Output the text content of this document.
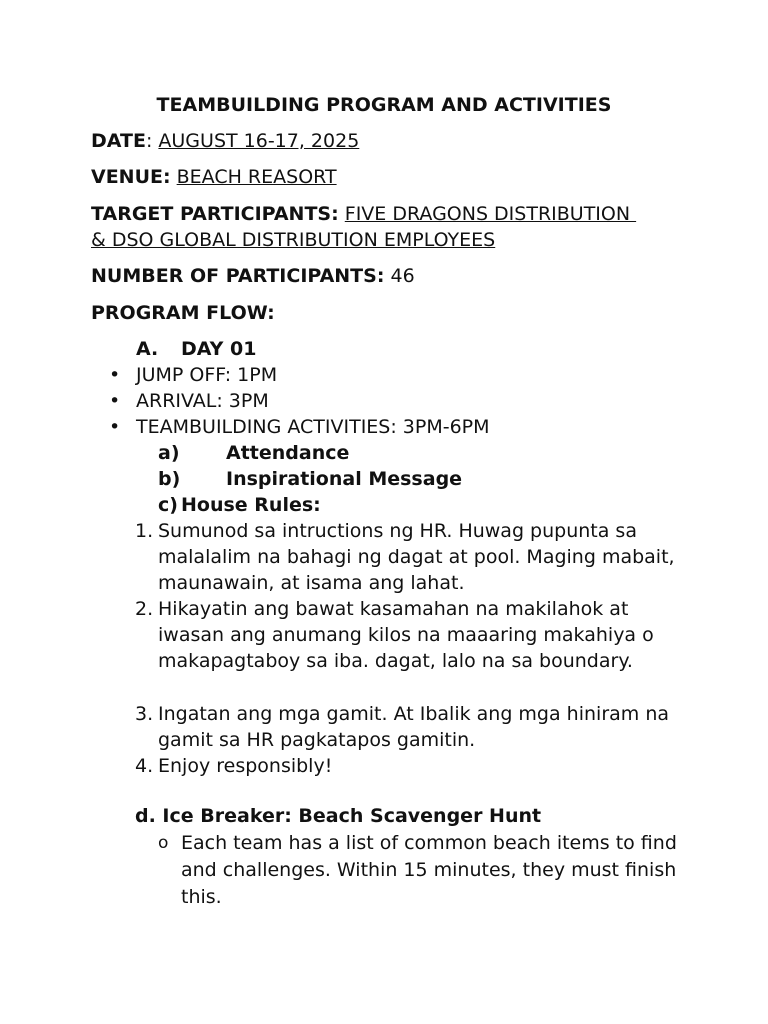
TEAMBUILDING PROGRAM AND ACTIVITIES
DATE: AUGUST 16-17, 2025
VENUE: BEACH REASORT
TARGET PARTICIPANTS: FIVE DRAGONS DISTRIBUTION
& DSO GLOBAL DISTRIBUTION EMPLOYEES
NUMBER OF PARTICIPANTS: 46
PROGRAM FLOW:
A. DAY 01
• JUMP OFF: 1PM
• ARRIVAL: 3PM
• TEAMBUILDING ACTIVITIES: 3PM-6PM
a) Attendance
b) Inspirational Message
c) House Rules:
1. Sumunod sa intructions ng HR. Huwag pupunta sa malalalim na bahagi ng dagat at pool. Maging mabait, maunawain, at isama ang lahat.
2. Hikayatin ang bawat kasamahan na makilahok at iwasan ang anumang kilos na maaaring makahiya o makapagtaboy sa iba. dagat, lalo na sa boundary.
3. Ingatan ang mga gamit. At Ibalik ang mga hiniram na gamit sa HR pagkatapos gamitin.
4. Enjoy responsibly!
d. Ice Breaker: Beach Scavenger Hunt
o Each team has a list of common beach items to find and challenges. Within 15 minutes, they must finish this.
